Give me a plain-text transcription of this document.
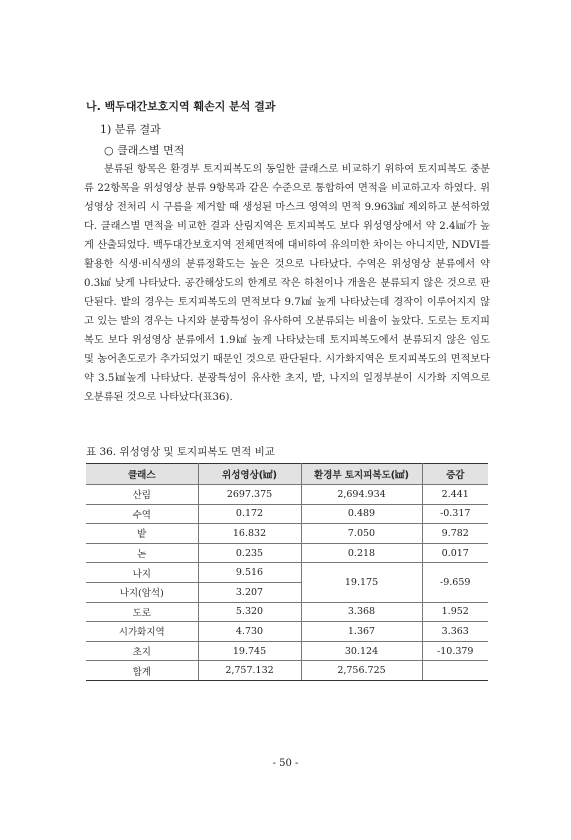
나. 백두대간보호지역 훼손지 분석 결과
1) 분류 결과
○ 클래스별 면적

분류된 항목은 환경부 토지피복도의 동일한 클래스로 비교하기 위하여 토지피복도 중분류 22항목을 위성영상 분류 9항목과 같은 수준으로 통합하여 면적을 비교하고자 하였다. 위성영상 전처리 시 구름을 제거할 때 생성된 마스크 영역의 면적 9.963㎢ 제외하고 분석하였다. 클래스별 면적을 비교한 결과 산림지역은 토지피복도 보다 위성영상에서 약 2.4㎢가 높게 산출되었다. 백두대간보호지역 전체면적에 대비하여 유의미한 차이는 아니지만, NDVI를 활용한 식생·비식생의 분류정확도는 높은 것으로 나타났다. 수역은 위성영상 분류에서 약 0.3㎢ 낮게 나타났다. 공간해상도의 한계로 작은 하천이나 개울은 분류되지 않은 것으로 판단된다. 밭의 경우는 토지피복도의 면적보다 9.7㎢ 높게 나타났는데 경작이 이루어지지 않고 있는 밭의 경우는 나지와 분광특성이 유사하여 오분류되는 비율이 높았다. 도로는 토지피복도 보다 위성영상 분류에서 1.9㎢ 높게 나타났는데 토지피복도에서 분류되지 않은 임도 및 농어촌도로가 추가되었기 때문인 것으로 판단된다. 시가화지역은 토지피복도의 면적보다 약 3.5㎢높게 나타났다. 분광특성이 유사한 초지, 밭, 나지의 일정부분이 시가화 지역으로 오분류된 것으로 나타났다(표36).

표 36. 위성영상 및 토지피복도 면적 비교
클래스	위성영상(㎢)	환경부 토지피복도(㎢)	증감
산림	2697.375	2,694.934	2.441
수역	0.172	0.489	-0.317
밭	16.832	7.050	9.782
논	0.235	0.218	0.017
나지	9.516	19.175	-9.659
나지(암석)	3.207		
도로	5.320	3.368	1.952
시가화지역	4.730	1.367	3.363
초지	19.745	30.124	-10.379
합계	2,757.132	2,756.725	
- 50 -
